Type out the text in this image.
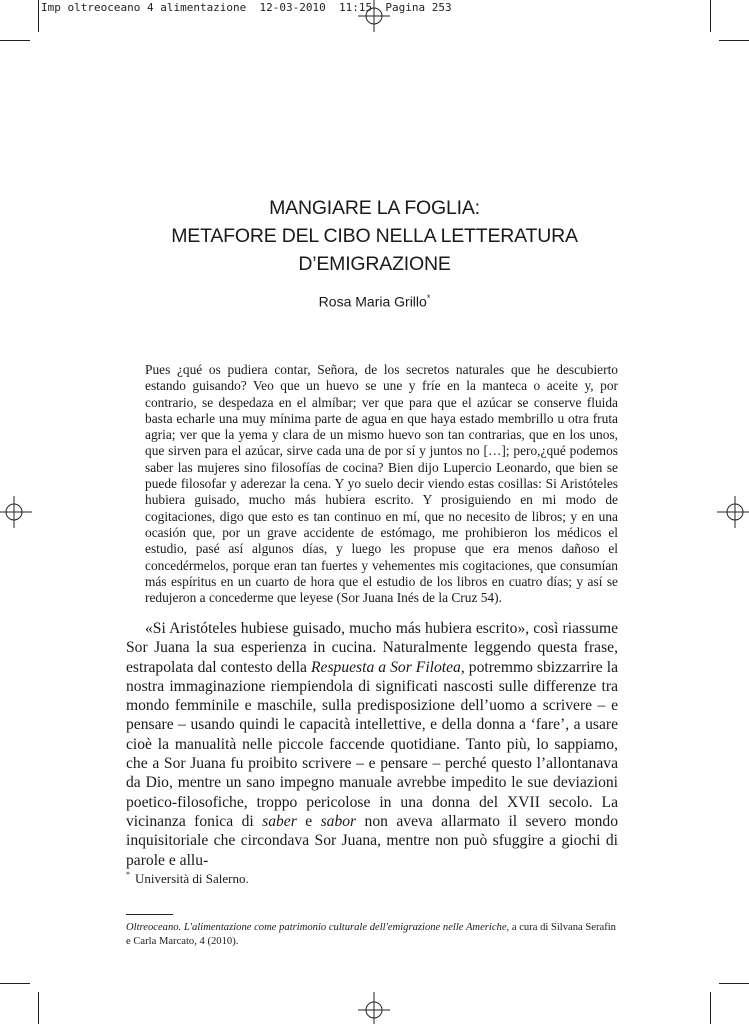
Imp oltreoceano 4 alimentazione  12-03-2010  11:15  Pagina 253
MANGIARE LA FOGLIA:
METAFORE DEL CIBO NELLA LETTERATURA
D’EMIGRAZIONE
Rosa Maria Grillo*

Pues ¿qué os pudiera contar, Señora, de los secretos naturales que he descubierto estando guisando? Veo que un huevo se une y fríe en la manteca o aceite y, por contrario, se despedaza en el almíbar; ver que para que el azúcar se conserve fluida basta echarle una muy mínima parte de agua en que haya estado membrillo u otra fruta agria; ver que la yema y clara de un mismo huevo son tan contrarias, que en los unos, que sirven para el azúcar, sirve cada una de por sí y juntos no […]; pero,¿qué podemos saber las mujeres sino filosofías de cocina? Bien dijo Lupercio Leonardo, que bien se puede filosofar y aderezar la cena. Y yo suelo decir viendo estas cosillas: Si Aristóteles hubiera guisado, mucho más hubiera escrito. Y prosiguiendo en mi modo de cogitaciones, digo que esto es tan continuo en mí, que no necesito de libros; y en una ocasión que, por un grave accidente de estómago, me prohibieron los médicos el estudio, pasé así algunos días, y luego les propuse que era menos dañoso el concedérmelos, porque eran tan fuertes y vehementes mis cogitaciones, que consumían más espíritus en un cuarto de hora que el estudio de los libros en cuatro días; y así se redujeron a concederme que leyese (Sor Juana Inés de la Cruz 54).

«Si Aristóteles hubiese guisado, mucho más hubiera escrito», così riassume Sor Juana la sua esperienza in cucina. Naturalmente leggendo questa frase, estrapolata dal contesto della Respuesta a Sor Filotea, potremmo sbizzarrire la nostra immaginazione riempiendola di significati nascosti sulle differenze tra mondo femminile e maschile, sulla predisposizione dell’uomo a scrivere – e pensare – usando quindi le capacità intellettive, e della donna a ‘fare’, a usare cioè la manualità nelle piccole faccende quotidiane. Tanto più, lo sappiamo, che a Sor Juana fu proibito scrivere – e pensare – perché questo l’allontanava da Dio, mentre un sano impegno manuale avrebbe impedito le sue deviazioni poetico-filosofiche, troppo pericolose in una donna del XVII secolo. La vicinanza fonica di saber e sabor non aveva allarmato il severo mondo inquisitoriale che circondava Sor Juana, mentre non può sfuggire a giochi di parole e allu-

* Università di Salerno.
Oltreoceano. L'alimentazione come patrimonio culturale dell'emigrazione nelle Americhe, a cura di Silvana Serafin e Carla Marcato, 4 (2010).
